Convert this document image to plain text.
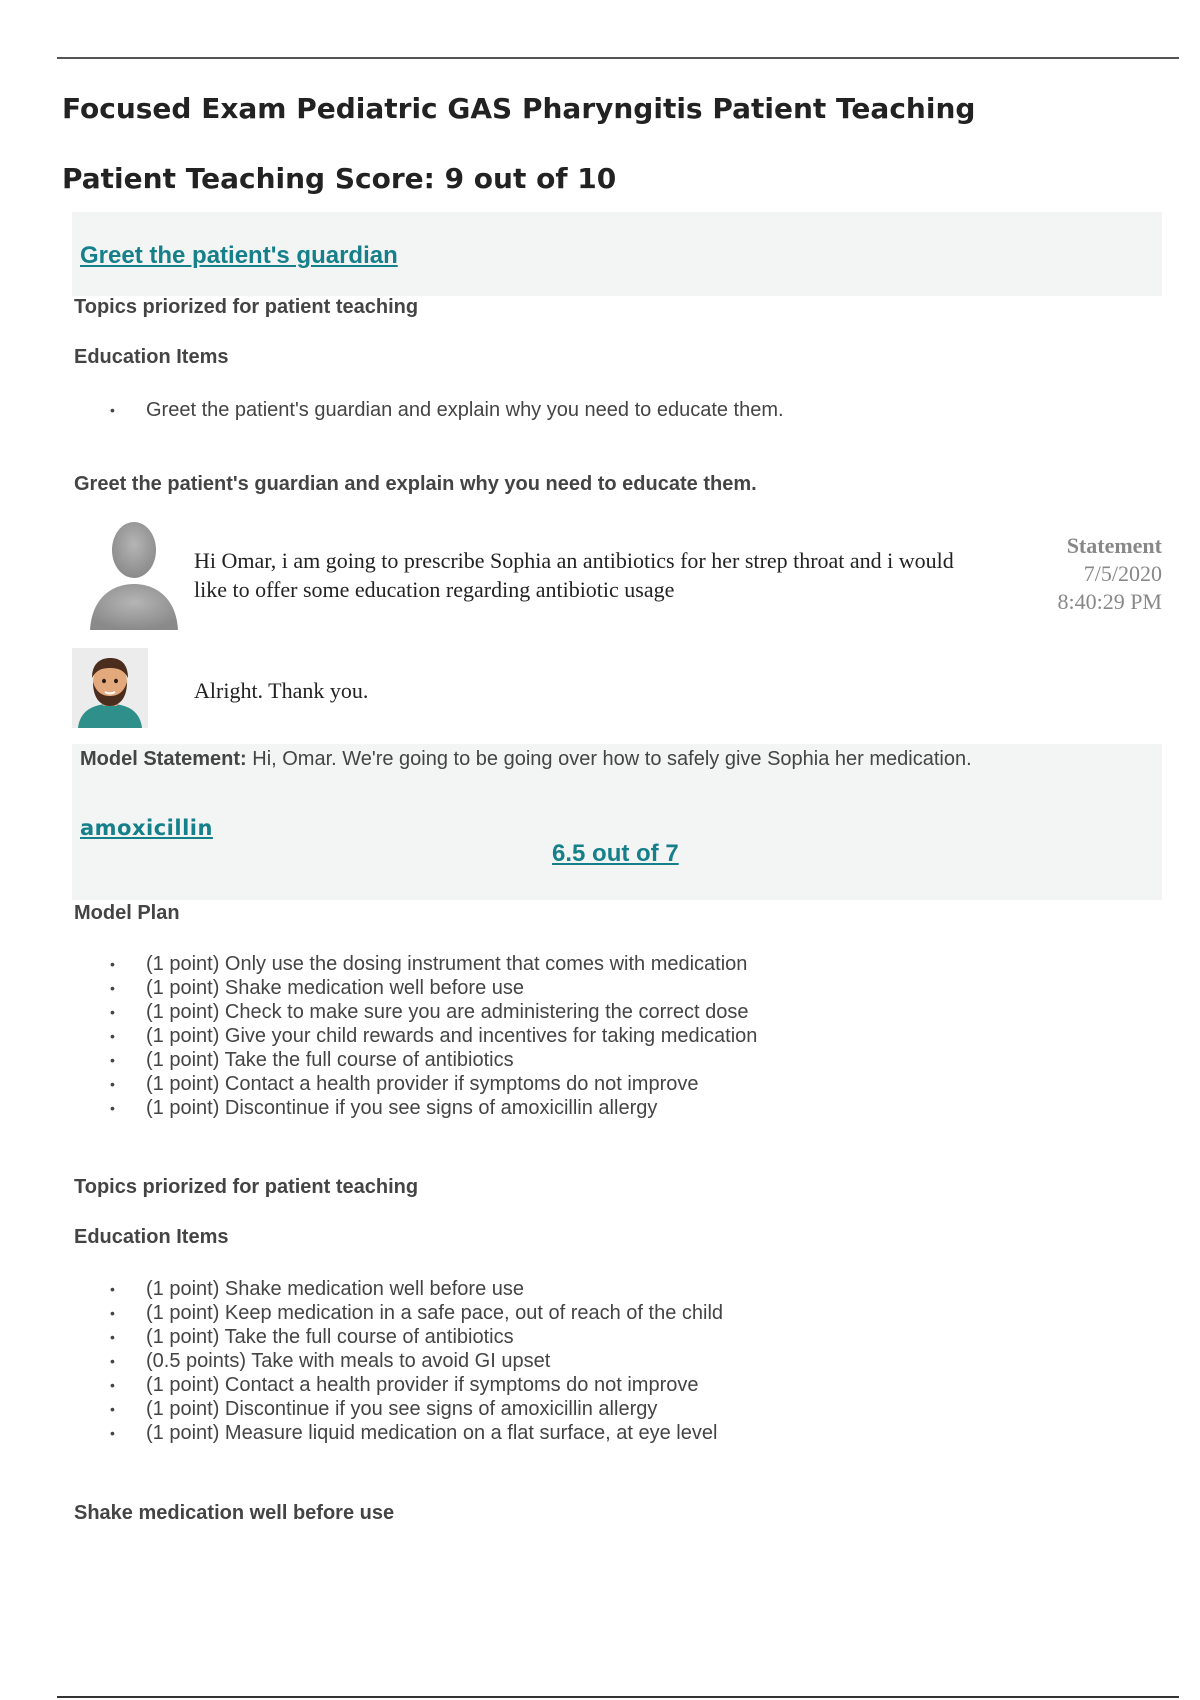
Focused Exam Pediatric GAS Pharyngitis Patient Teaching
Patient Teaching Score: 9 out of 10
Greet the patient's guardian

Topics priorized for patient teaching

Education Items

• Greet the patient's guardian and explain why you need to educate them.

Greet the patient's guardian and explain why you need to educate them.

Hi Omar, i am going to prescribe Sophia an antibiotics for her strep throat and i would like to offer some education regarding antibiotic usage
Statement
7/5/2020
8:40:29 PM
Alright. Thank you.
Model Statement: Hi, Omar. We're going to be going over how to safely give Sophia her medication.
amoxicillin
6.5 out of 7

Model Plan

• (1 point) Only use the dosing instrument that comes with medication
• (1 point) Shake medication well before use
• (1 point) Check to make sure you are administering the correct dose
• (1 point) Give your child rewards and incentives for taking medication
• (1 point) Take the full course of antibiotics
• (1 point) Contact a health provider if symptoms do not improve
• (1 point) Discontinue if you see signs of amoxicillin allergy

Topics priorized for patient teaching

Education Items

• (1 point) Shake medication well before use
• (1 point) Keep medication in a safe pace, out of reach of the child
• (1 point) Take the full course of antibiotics
• (0.5 points) Take with meals to avoid GI upset
• (1 point) Contact a health provider if symptoms do not improve
• (1 point) Discontinue if you see signs of amoxicillin allergy
• (1 point) Measure liquid medication on a flat surface, at eye level

Shake medication well before use
